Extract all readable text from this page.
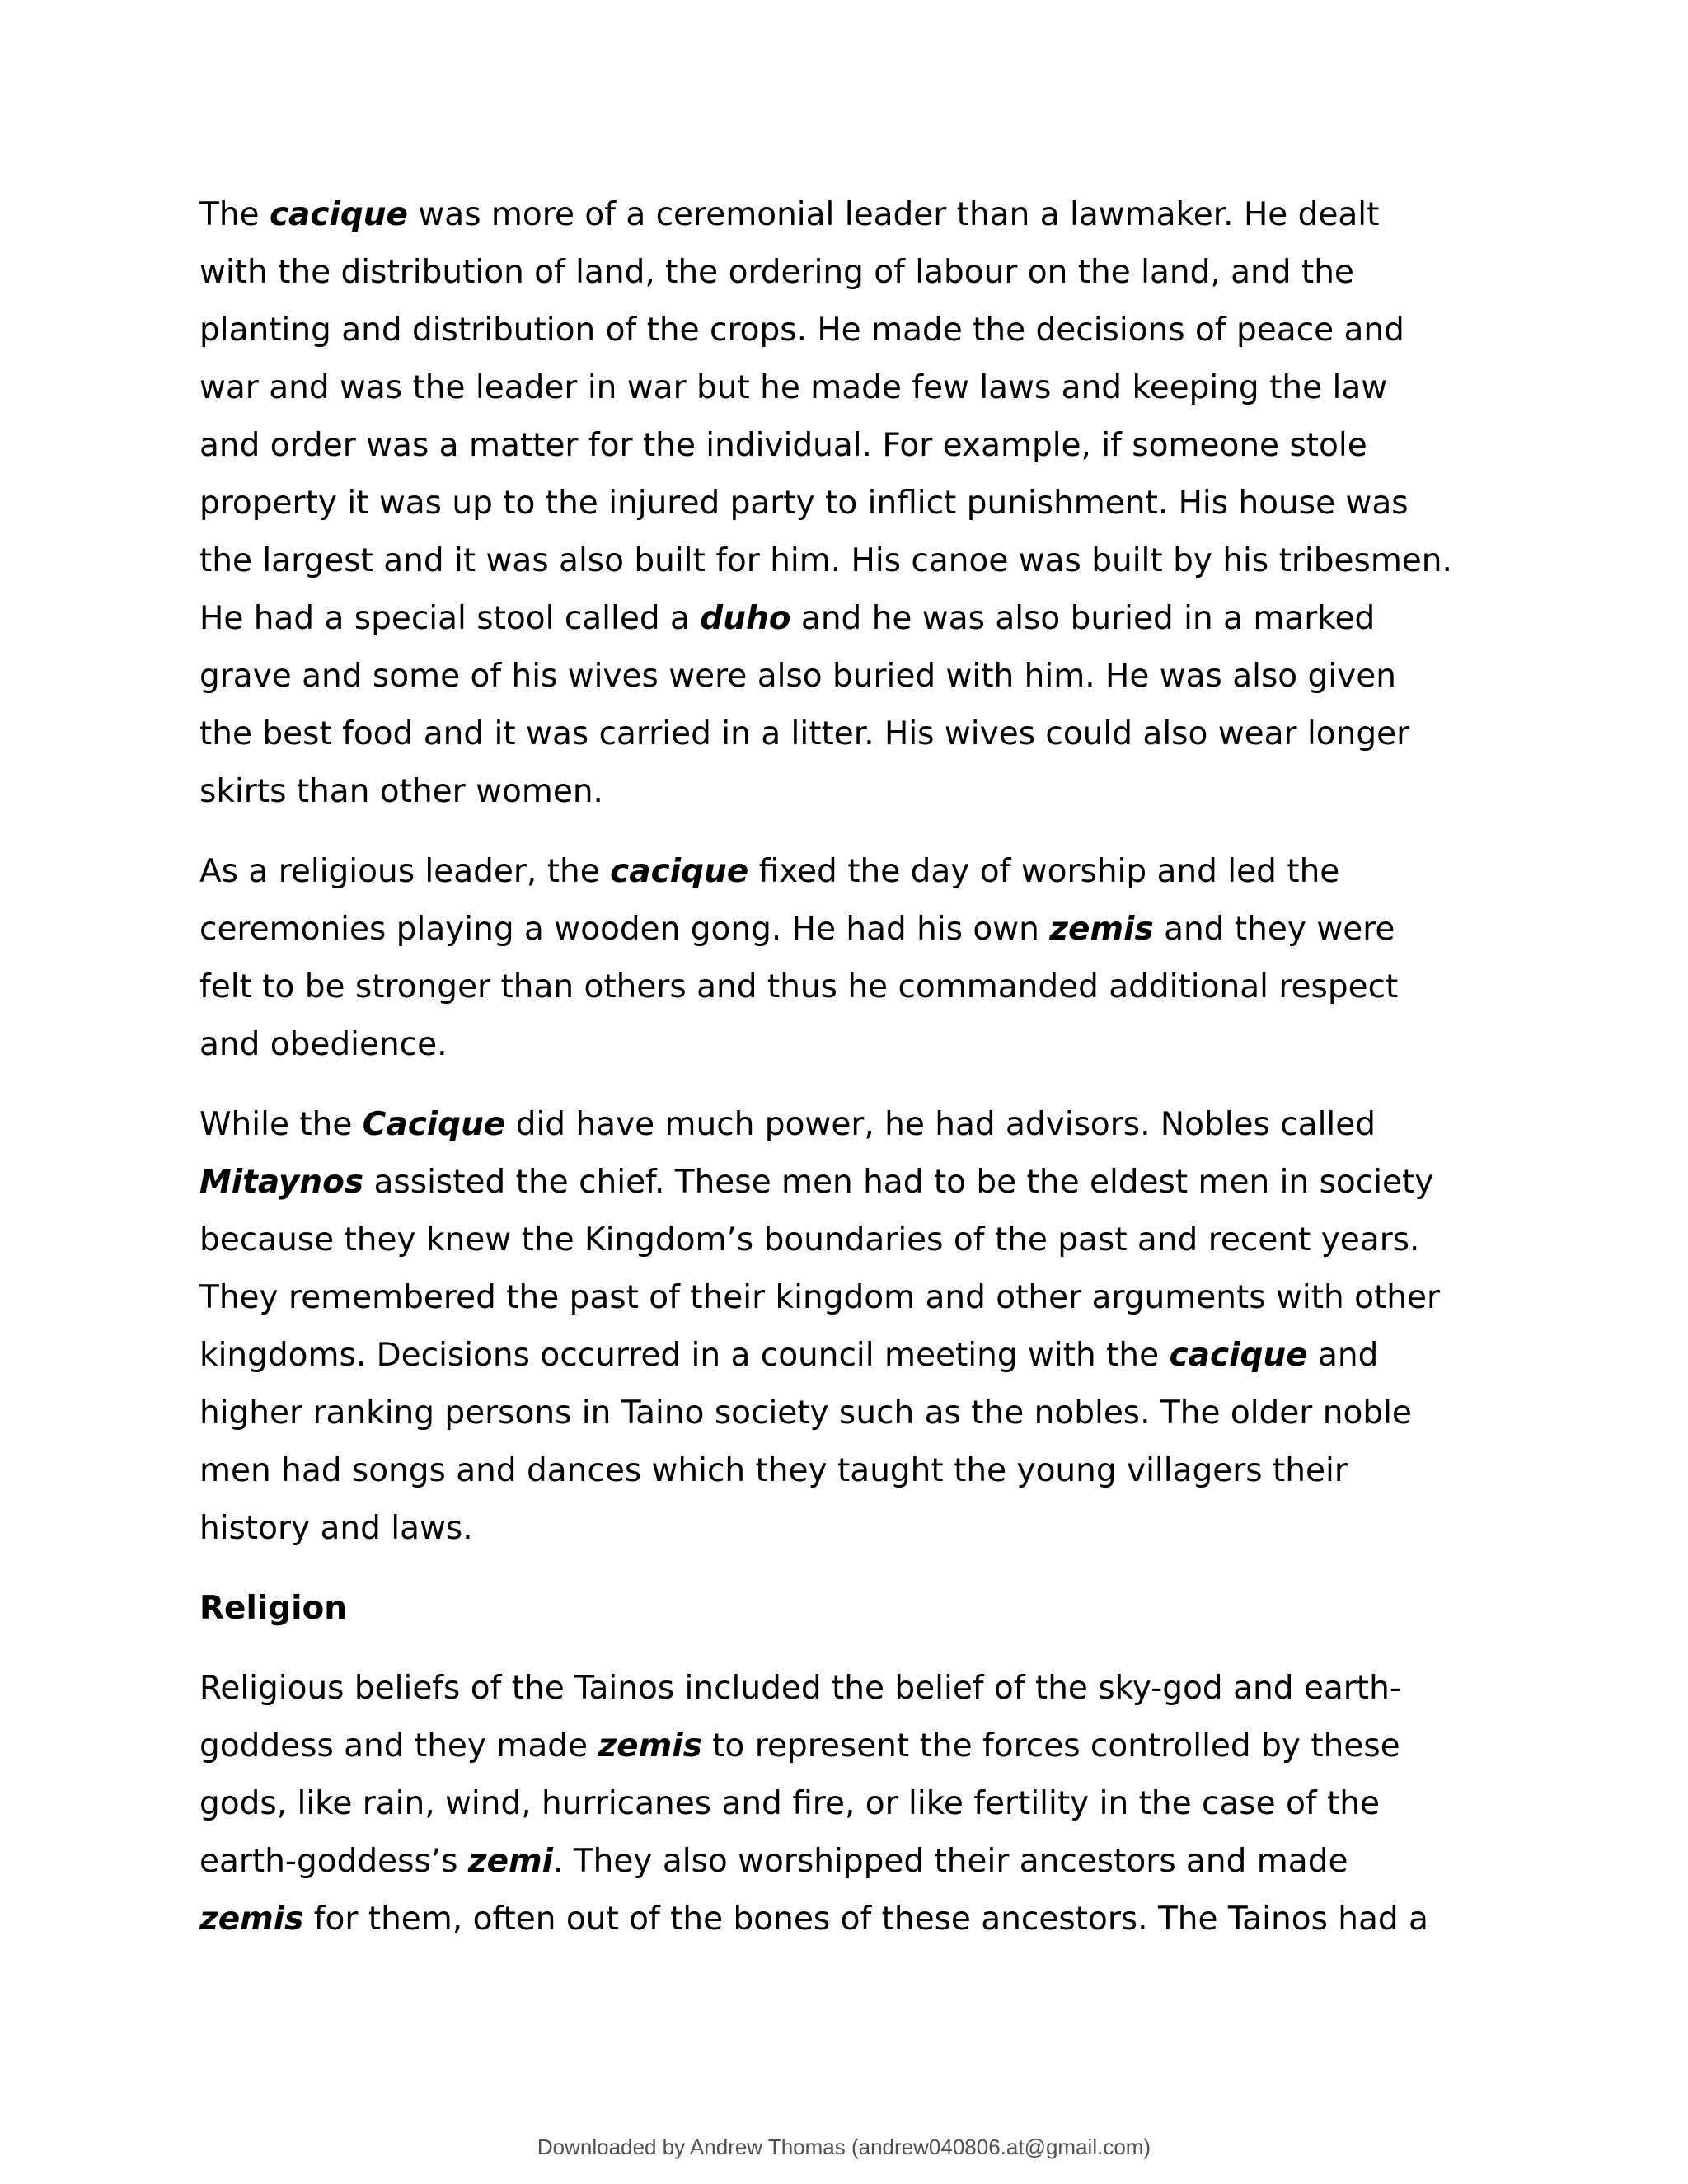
The cacique was more of a ceremonial leader than a lawmaker. He dealt
with the distribution of land, the ordering of labour on the land, and the
planting and distribution of the crops. He made the decisions of peace and
war and was the leader in war but he made few laws and keeping the law
and order was a matter for the individual. For example, if someone stole
property it was up to the injured party to inflict punishment. His house was
the largest and it was also built for him. His canoe was built by his tribesmen.
He had a special stool called a duho and he was also buried in a marked
grave and some of his wives were also buried with him. He was also given
the best food and it was carried in a litter. His wives could also wear longer
skirts than other women.
As a religious leader, the cacique fixed the day of worship and led the
ceremonies playing a wooden gong. He had his own zemis and they were
felt to be stronger than others and thus he commanded additional respect
and obedience.
While the Cacique did have much power, he had advisors. Nobles called
Mitaynos assisted the chief. These men had to be the eldest men in society
because they knew the Kingdom’s boundaries of the past and recent years.
They remembered the past of their kingdom and other arguments with other
kingdoms. Decisions occurred in a council meeting with the cacique and
higher ranking persons in Taino society such as the nobles. The older noble
men had songs and dances which they taught the young villagers their
history and laws.
Religion
Religious beliefs of the Tainos included the belief of the sky-god and earth-
goddess and they made zemis to represent the forces controlled by these
gods, like rain, wind, hurricanes and fire, or like fertility in the case of the
earth-goddess’s zemi. They also worshipped their ancestors and made
zemis for them, often out of the bones of these ancestors. The Tainos had a
Downloaded by Andrew Thomas (andrew040806.at@gmail.com)
